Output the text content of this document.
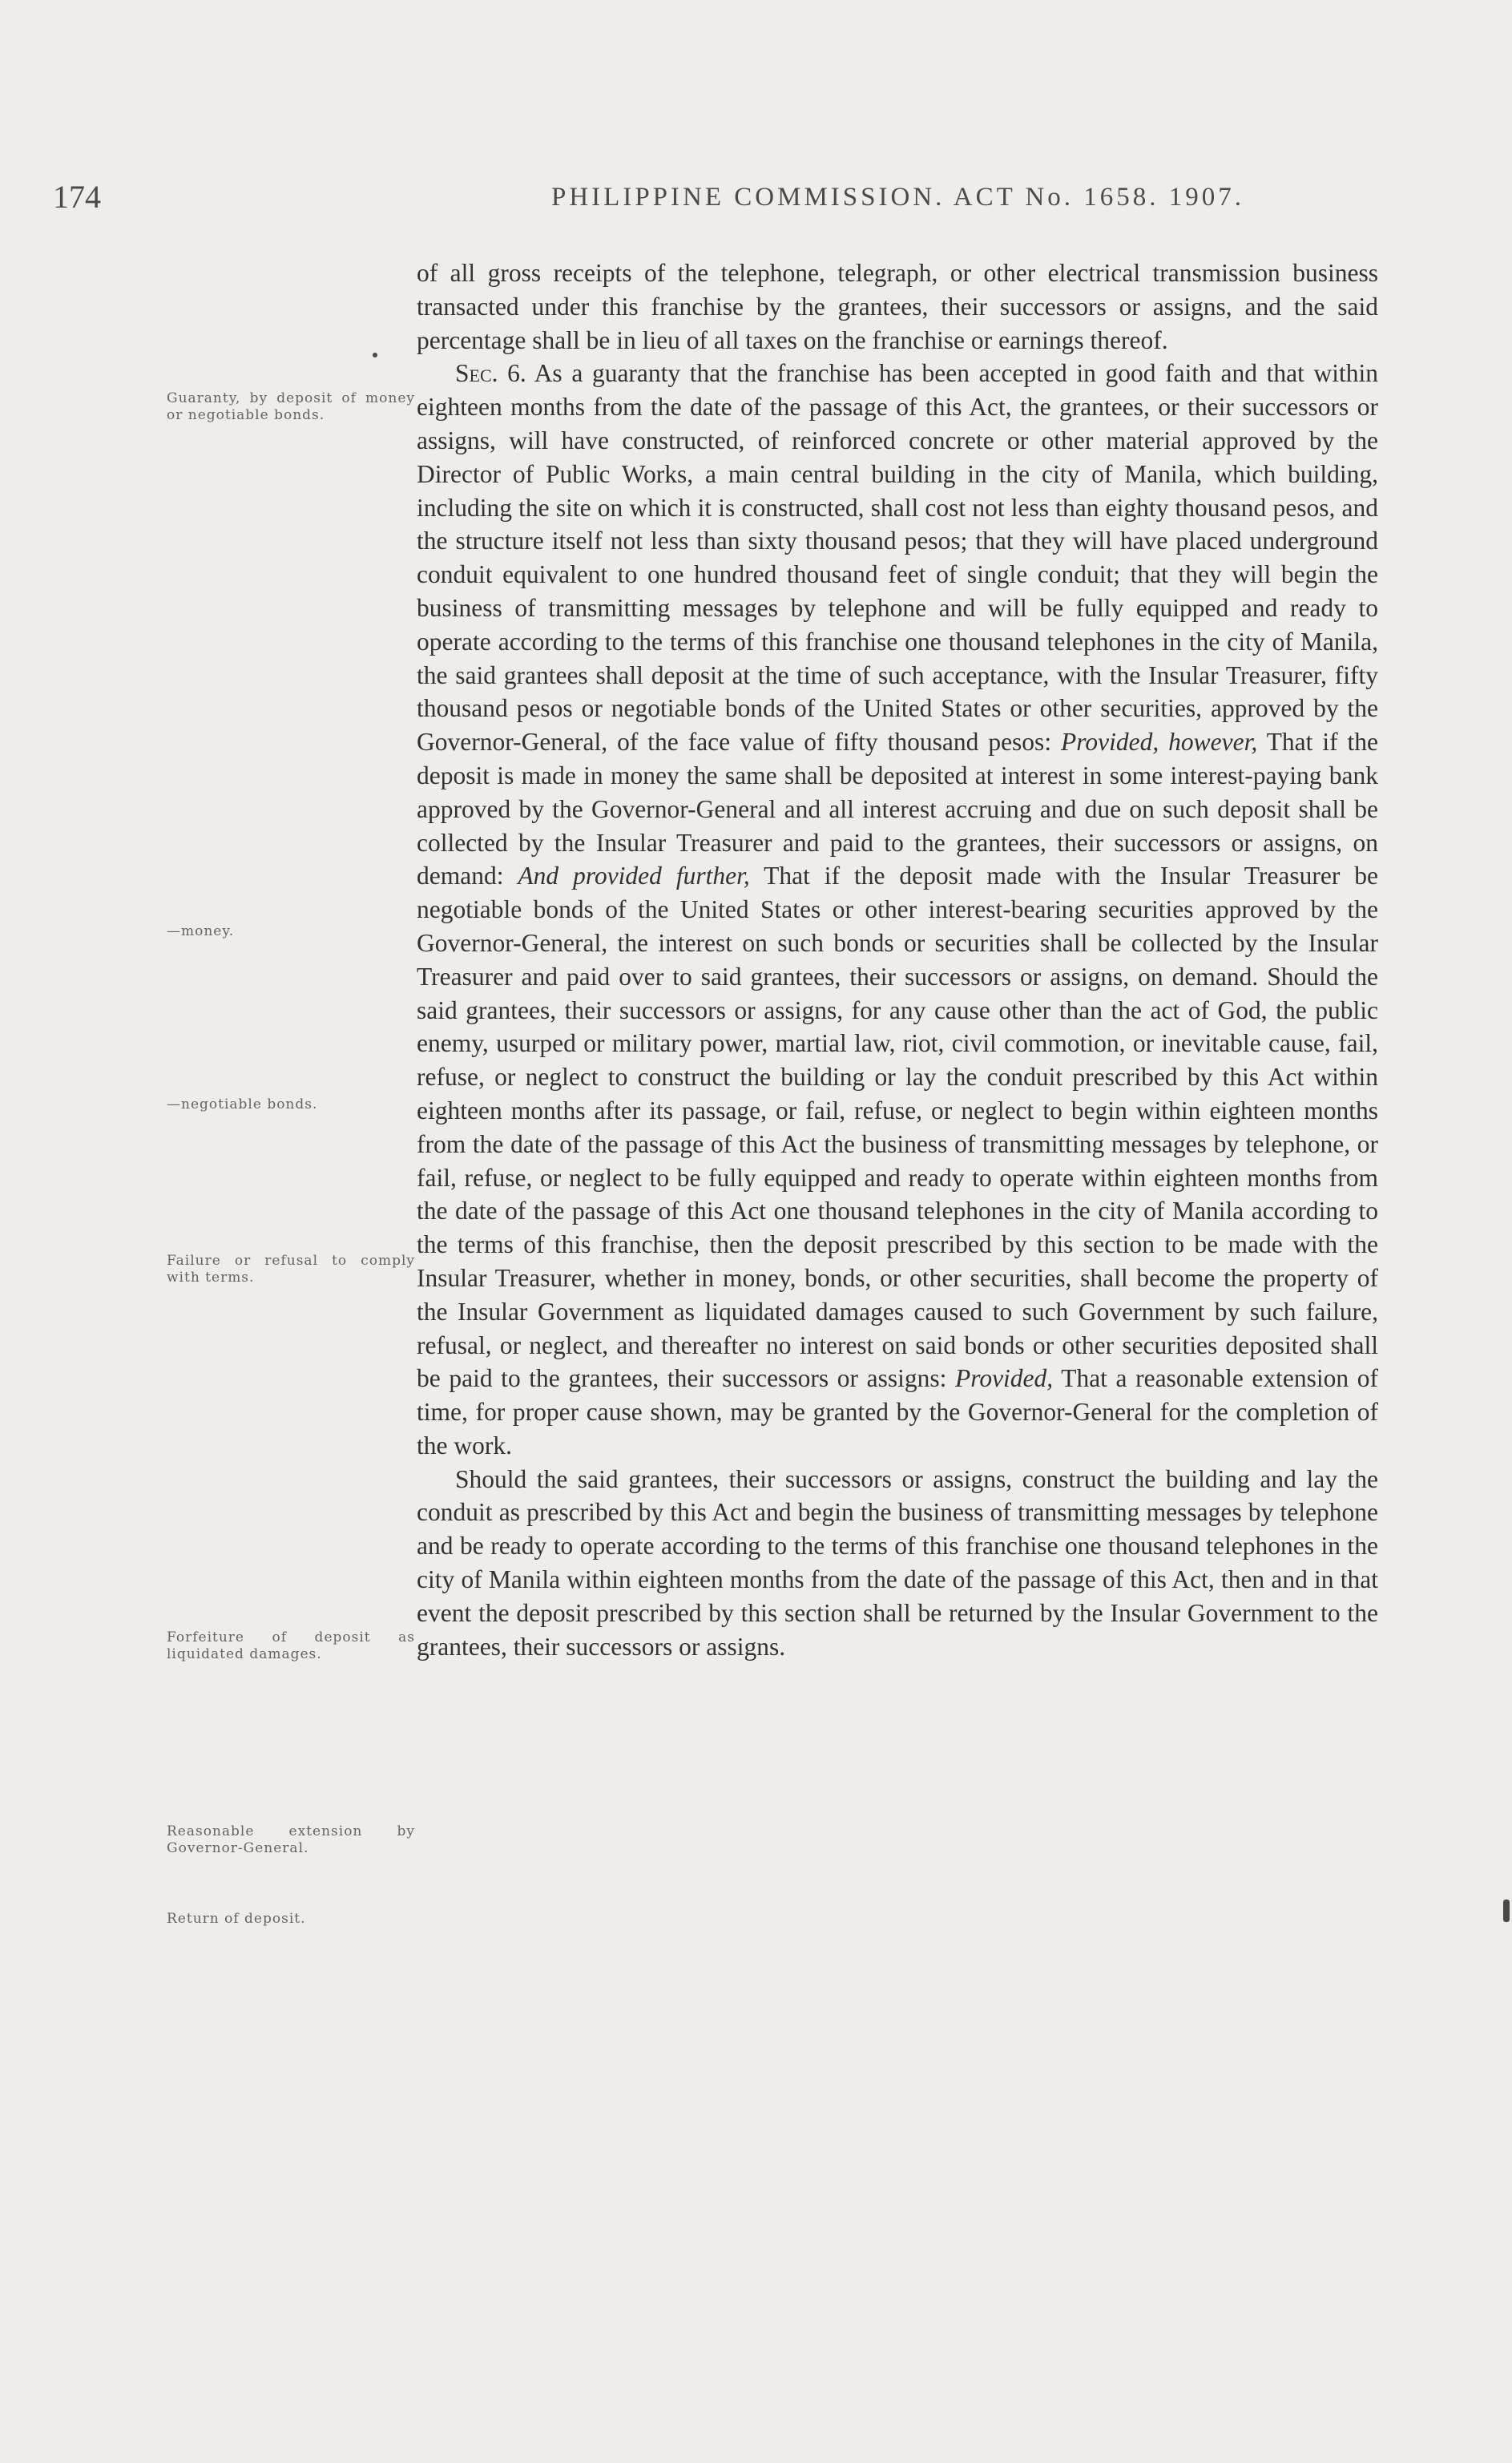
174	PHILIPPINE COMMISSION. ACT No. 1658. 1907.
Guaranty, by deposit of money or negotiable bonds.
—money.
—negotiable bonds.
Failure or refusal to comply with terms.
Forfeiture of deposit as liquidated damages.
Reasonable extension by Governor-General.
Return of deposit.

of all gross receipts of the telephone, telegraph, or other electrical transmission business transacted under this franchise by the grantees, their successors or assigns, and the said percentage shall be in lieu of all taxes on the franchise or earnings thereof.

Sec. 6. As a guaranty that the franchise has been accepted in good faith and that within eighteen months from the date of the passage of this Act, the grantees, or their successors or assigns, will have constructed, of reinforced concrete or other material approved by the Director of Public Works, a main central building in the city of Manila, which building, including the site on which it is constructed, shall cost not less than eighty thousand pesos, and the structure itself not less than sixty thousand pesos; that they will have placed underground conduit equivalent to one hundred thousand feet of single conduit; that they will begin the business of transmitting messages by telephone and will be fully equipped and ready to operate according to the terms of this franchise one thousand telephones in the city of Manila, the said grantees shall deposit at the time of such acceptance, with the Insular Treasurer, fifty thousand pesos or negotiable bonds of the United States or other securities, approved by the Governor-General, of the face value of fifty thousand pesos: Provided, however, That if the deposit is made in money the same shall be deposited at interest in some interest-paying bank approved by the Governor-General and all interest accruing and due on such deposit shall be collected by the Insular Treasurer and paid to the grantees, their successors or assigns, on demand: And provided further, That if the deposit made with the Insular Treasurer be negotiable bonds of the United States or other interest-bearing securities approved by the Governor-General, the interest on such bonds or securities shall be collected by the Insular Treasurer and paid over to said grantees, their successors or assigns, on demand. Should the said grantees, their successors or assigns, for any cause other than the act of God, the public enemy, usurped or military power, martial law, riot, civil commotion, or inevitable cause, fail, refuse, or neglect to construct the building or lay the conduit prescribed by this Act within eighteen months after its passage, or fail, refuse, or neglect to begin within eighteen months from the date of the passage of this Act the business of transmitting messages by telephone, or fail, refuse, or neglect to be fully equipped and ready to operate within eighteen months from the date of the passage of this Act one thousand telephones in the city of Manila according to the terms of this franchise, then the deposit prescribed by this section to be made with the Insular Treasurer, whether in money, bonds, or other securities, shall become the property of the Insular Government as liquidated damages caused to such Government by such failure, refusal, or neglect, and thereafter no interest on said bonds or other securities deposited shall be paid to the grantees, their successors or assigns: Provided, That a reasonable extension of time, for proper cause shown, may be granted by the Governor-General for the completion of the work.

Should the said grantees, their successors or assigns, construct the building and lay the conduit as prescribed by this Act and begin the business of transmitting messages by telephone and be ready to operate according to the terms of this franchise one thousand telephones in the city of Manila within eighteen months from the date of the passage of this Act, then and in that event the deposit prescribed by this section shall be returned by the Insular Government to the grantees, their successors or assigns.
